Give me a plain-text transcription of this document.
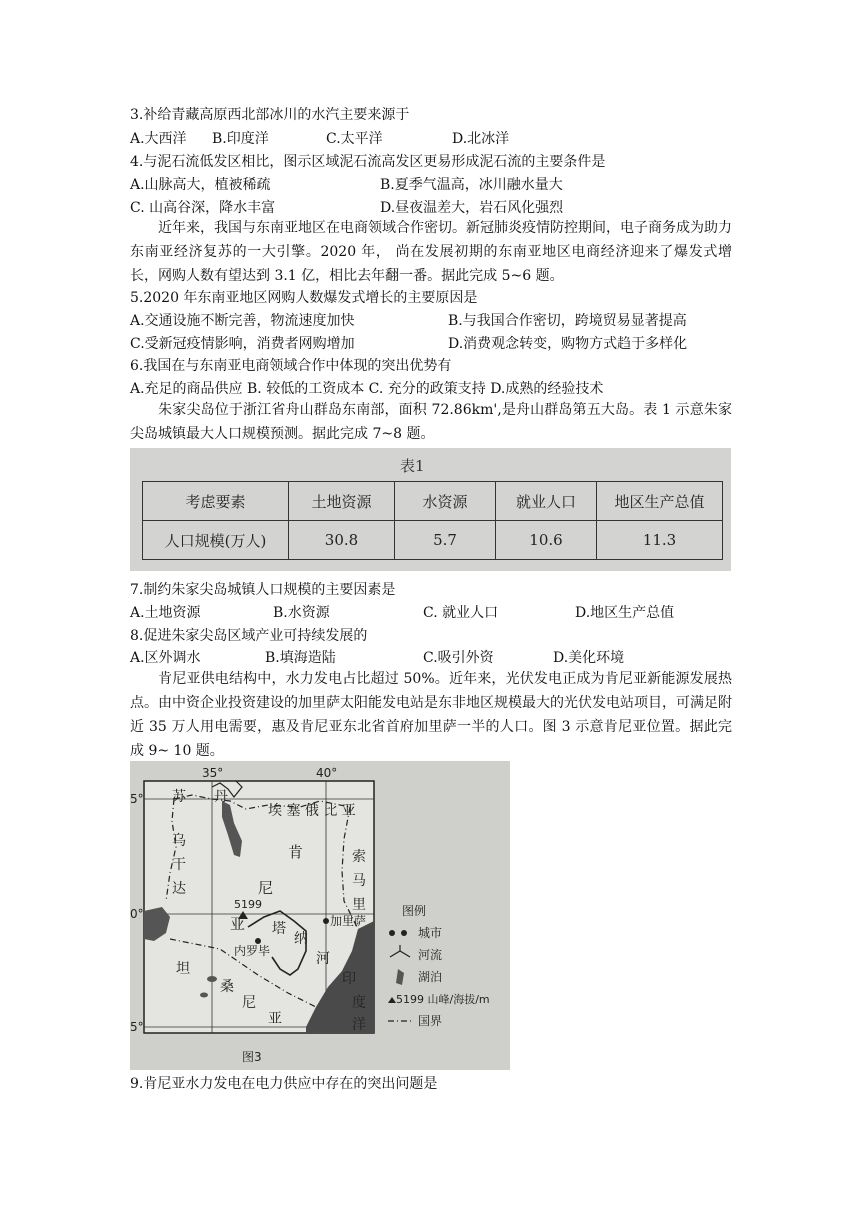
3.补给青藏高原西北部冰川的水汽主要来源于
A.大西洋 B.印度洋	C.太平洋	D.北冰洋
4.与泥石流低发区相比，图示区域泥石流高发区更易形成泥石流的主要条件是
A.山脉高大，植被稀疏	B.夏季气温高，冰川融水量大
C. 山高谷深，降水丰富	D.昼夜温差大，岩石风化强烈
近年来，我国与东南亚地区在电商领域合作密切。新冠肺炎疫情防控期间，电子商务成为助力东南亚经济复苏的一大引擎。2020 年， 尚在发展初期的东南亚地区电商经济迎来了爆发式增长，网购人数有望达到 3.1 亿，相比去年翻一番。据此完成 5~6 题。
5.2020 年东南亚地区网购人数爆发式增长的主要原因是
A.交通设施不断完善，物流速度加快	B.与我国合作密切，跨境贸易显著提高
C.受新冠疫情影响，消费者网购增加	D.消费观念转变，购物方式趋于多样化
6.我国在与东南亚电商领域合作中体现的突出优势有
A.充足的商品供应 B. 较低的工资成本 C. 充分的政策支持 D.成熟的经验技术
朱家尖岛位于浙江省舟山群岛东南部，面积 72.86km',是舟山群岛第五大岛。表 1 示意朱家尖岛城镇最大人口规模预测。据此完成 7~8 题。
表1
考虑要素	土地资源	水资源	就业人口	地区生产总值
人口规模(万人)	30.8	5.7	10.6	11.3
7.制约朱家尖岛城镇人口规模的主要因素是
A.土地资源	B.水资源	C. 就业人口	D.地区生产总值
8.促进朱家尖岛区域产业可持续发展的
A.区外调水	B.填海造陆	C.吸引外资	D.美化环境
肯尼亚供电结构中，水力发电占比超过 50%。近年来，光伏发电正成为肯尼亚新能源发展热点。由中资企业投资建设的加里萨太阳能发电站是东非地区规模最大的光伏发电站项目，可满足附近 35 万人用电需要，惠及肯尼亚东北省首府加里萨一半的人口。图 3 示意肯尼亚位置。据此完成 9~ 10 题。
35°	40°
5°
0°
5°
苏 丹
埃 塞 俄 比 亚
乌
干
达
肯
尼
亚
索
马
里
坦
桑
尼
亚
塔
纳
河
印
度
洋
内罗毕
加里萨
5199	图例
城市
河流
湖泊
5199 山峰/海拔/m
国界
图3
9.肯尼亚水力发电在电力供应中存在的突出问题是
